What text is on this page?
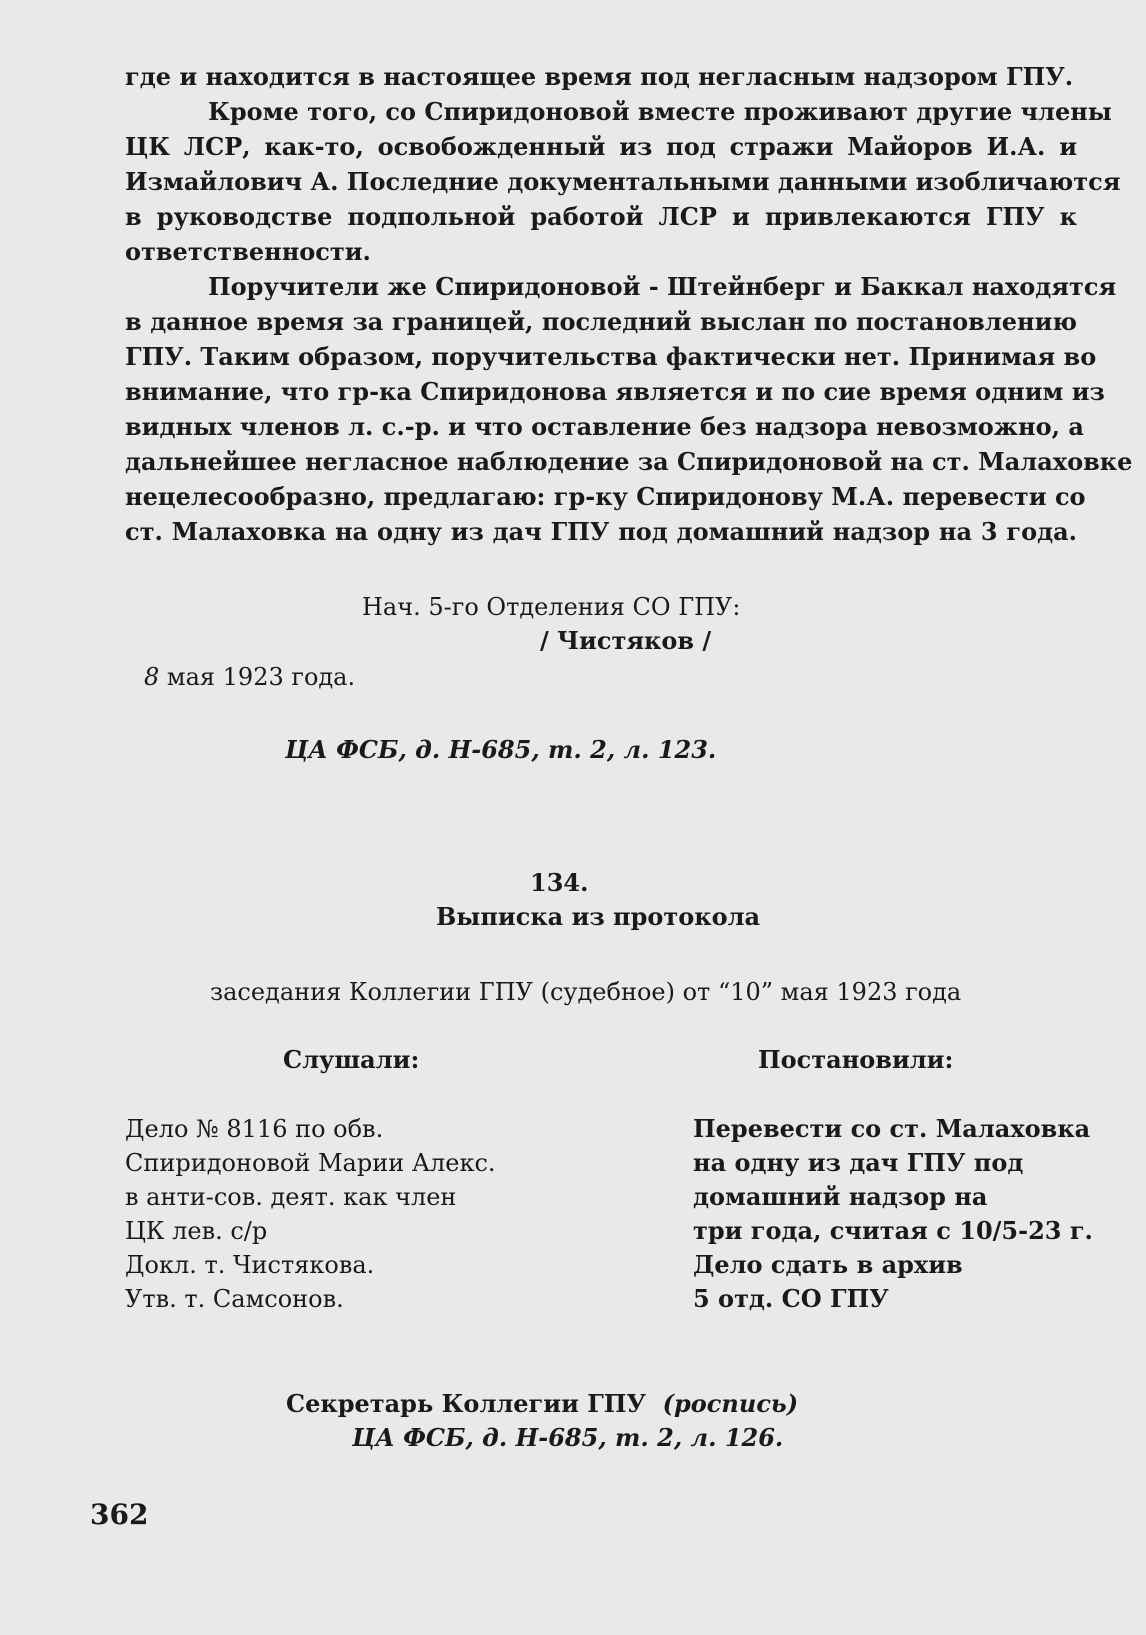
где и находится в настоящее время под негласным надзором ГПУ.

Кроме того, со Спиридоновой вместе проживают другие члены

ЦК ЛСР, как-то, освобожденный из под стражи Майоров И.А. и

Измайлович А. Последние документальными данными изобличаются

в руководстве подпольной работой ЛСР и привлекаются ГПУ к

ответственности.

Поручители же Спиридоновой - Штейнберг и Баккал находятся

в данное время за границей, последний выслан по постановлению

ГПУ. Таким образом, поручительства фактически нет. Принимая во

внимание, что гр-ка Спиридонова является и по сие время одним из

видных членов л. с.-р. и что оставление без надзора невозможно, а

дальнейшее негласное наблюдение за Спиридоновой на ст. Малаховке

нецелесообразно, предлагаю: гр-ку Спиридонову М.А. перевести со

ст. Малаховка на одну из дач ГПУ под домашний надзор на 3 года.

Нач. 5-го Отделения СО ГПУ:

/ Чистяков /

8 мая 1923 года.

ЦА ФСБ, д. Н-685, т. 2, л. 123.

134.

Выписка из протокола

заседания Коллегии ГПУ (судебное) от “10” мая 1923 года

Слушали:	Постановили:

Дело № 8116 по обв.

Спиридоновой Марии Алекс.

в анти-сов. деят. как член

ЦК лев. с/р

Докл. т. Чистякова.

Утв. т. Самсонов.

Перевести со ст. Малаховка

на одну из дач ГПУ под

домашний надзор на

три года, считая с 10/5-23 г.

Дело сдать в архив

5 отд. СО ГПУ

Секретарь Коллегии ГПУ (роспись)

ЦА ФСБ, д. Н-685, т. 2, л. 126.

362
